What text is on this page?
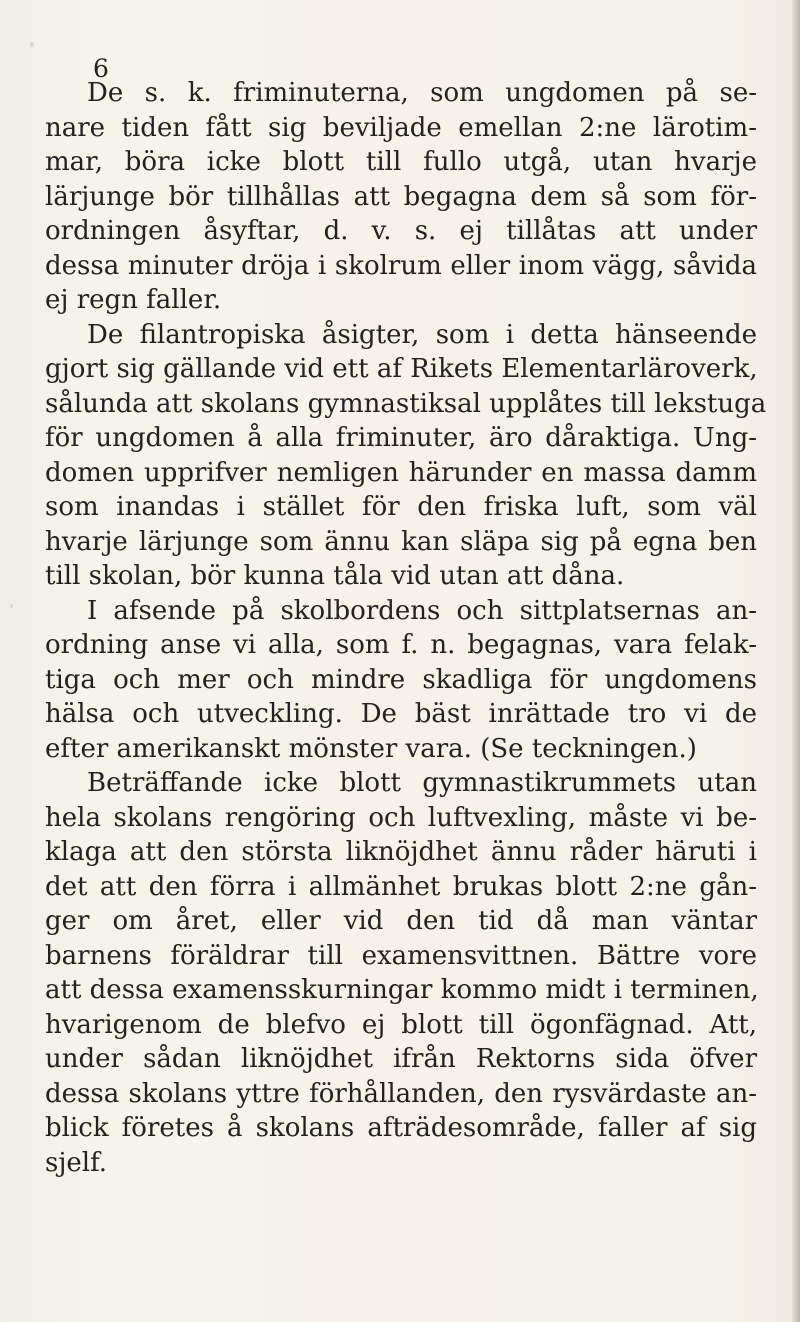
6
De s. k. friminuterna, som ungdomen på se-
nare tiden fått sig beviljade emellan 2:ne lärotim-
mar, böra icke blott till fullo utgå, utan hvarje
lärjunge bör tillhållas att begagna dem så som för-
ordningen åsyftar, d. v. s. ej tillåtas att under
dessa minuter dröja i skolrum eller inom vägg, såvida
ej regn faller.
De filantropiska åsigter, som i detta hänseende
gjort sig gällande vid ett af Rikets Elementarläroverk,
sålunda att skolans gymnastiksal upplåtes till lekstuga
för ungdomen å alla friminuter, äro dåraktiga. Ung-
domen upprifver nemligen härunder en massa damm
som inandas i stället för den friska luft, som väl
hvarje lärjunge som ännu kan släpa sig på egna ben
till skolan, bör kunna tåla vid utan att dåna.
I afsende på skolbordens och sittplatsernas an-
ordning anse vi alla, som f. n. begagnas, vara felak-
tiga och mer och mindre skadliga för ungdomens
hälsa och utveckling. De bäst inrättade tro vi de
efter amerikanskt mönster vara. (Se teckningen.)
Beträffande icke blott gymnastikrummets utan
hela skolans rengöring och luftvexling, måste vi be-
klaga att den största liknöjdhet ännu råder häruti i
det att den förra i allmänhet brukas blott 2:ne gån-
ger om året, eller vid den tid då man väntar
barnens föräldrar till examensvittnen. Bättre vore
att dessa examensskurningar kommo midt i terminen,
hvarigenom de blefvo ej blott till ögonfägnad. Att,
under sådan liknöjdhet ifrån Rektorns sida öfver
dessa skolans yttre förhållanden, den rysvärdaste an-
blick företes å skolans afträdesområde, faller af sig
sjelf.
